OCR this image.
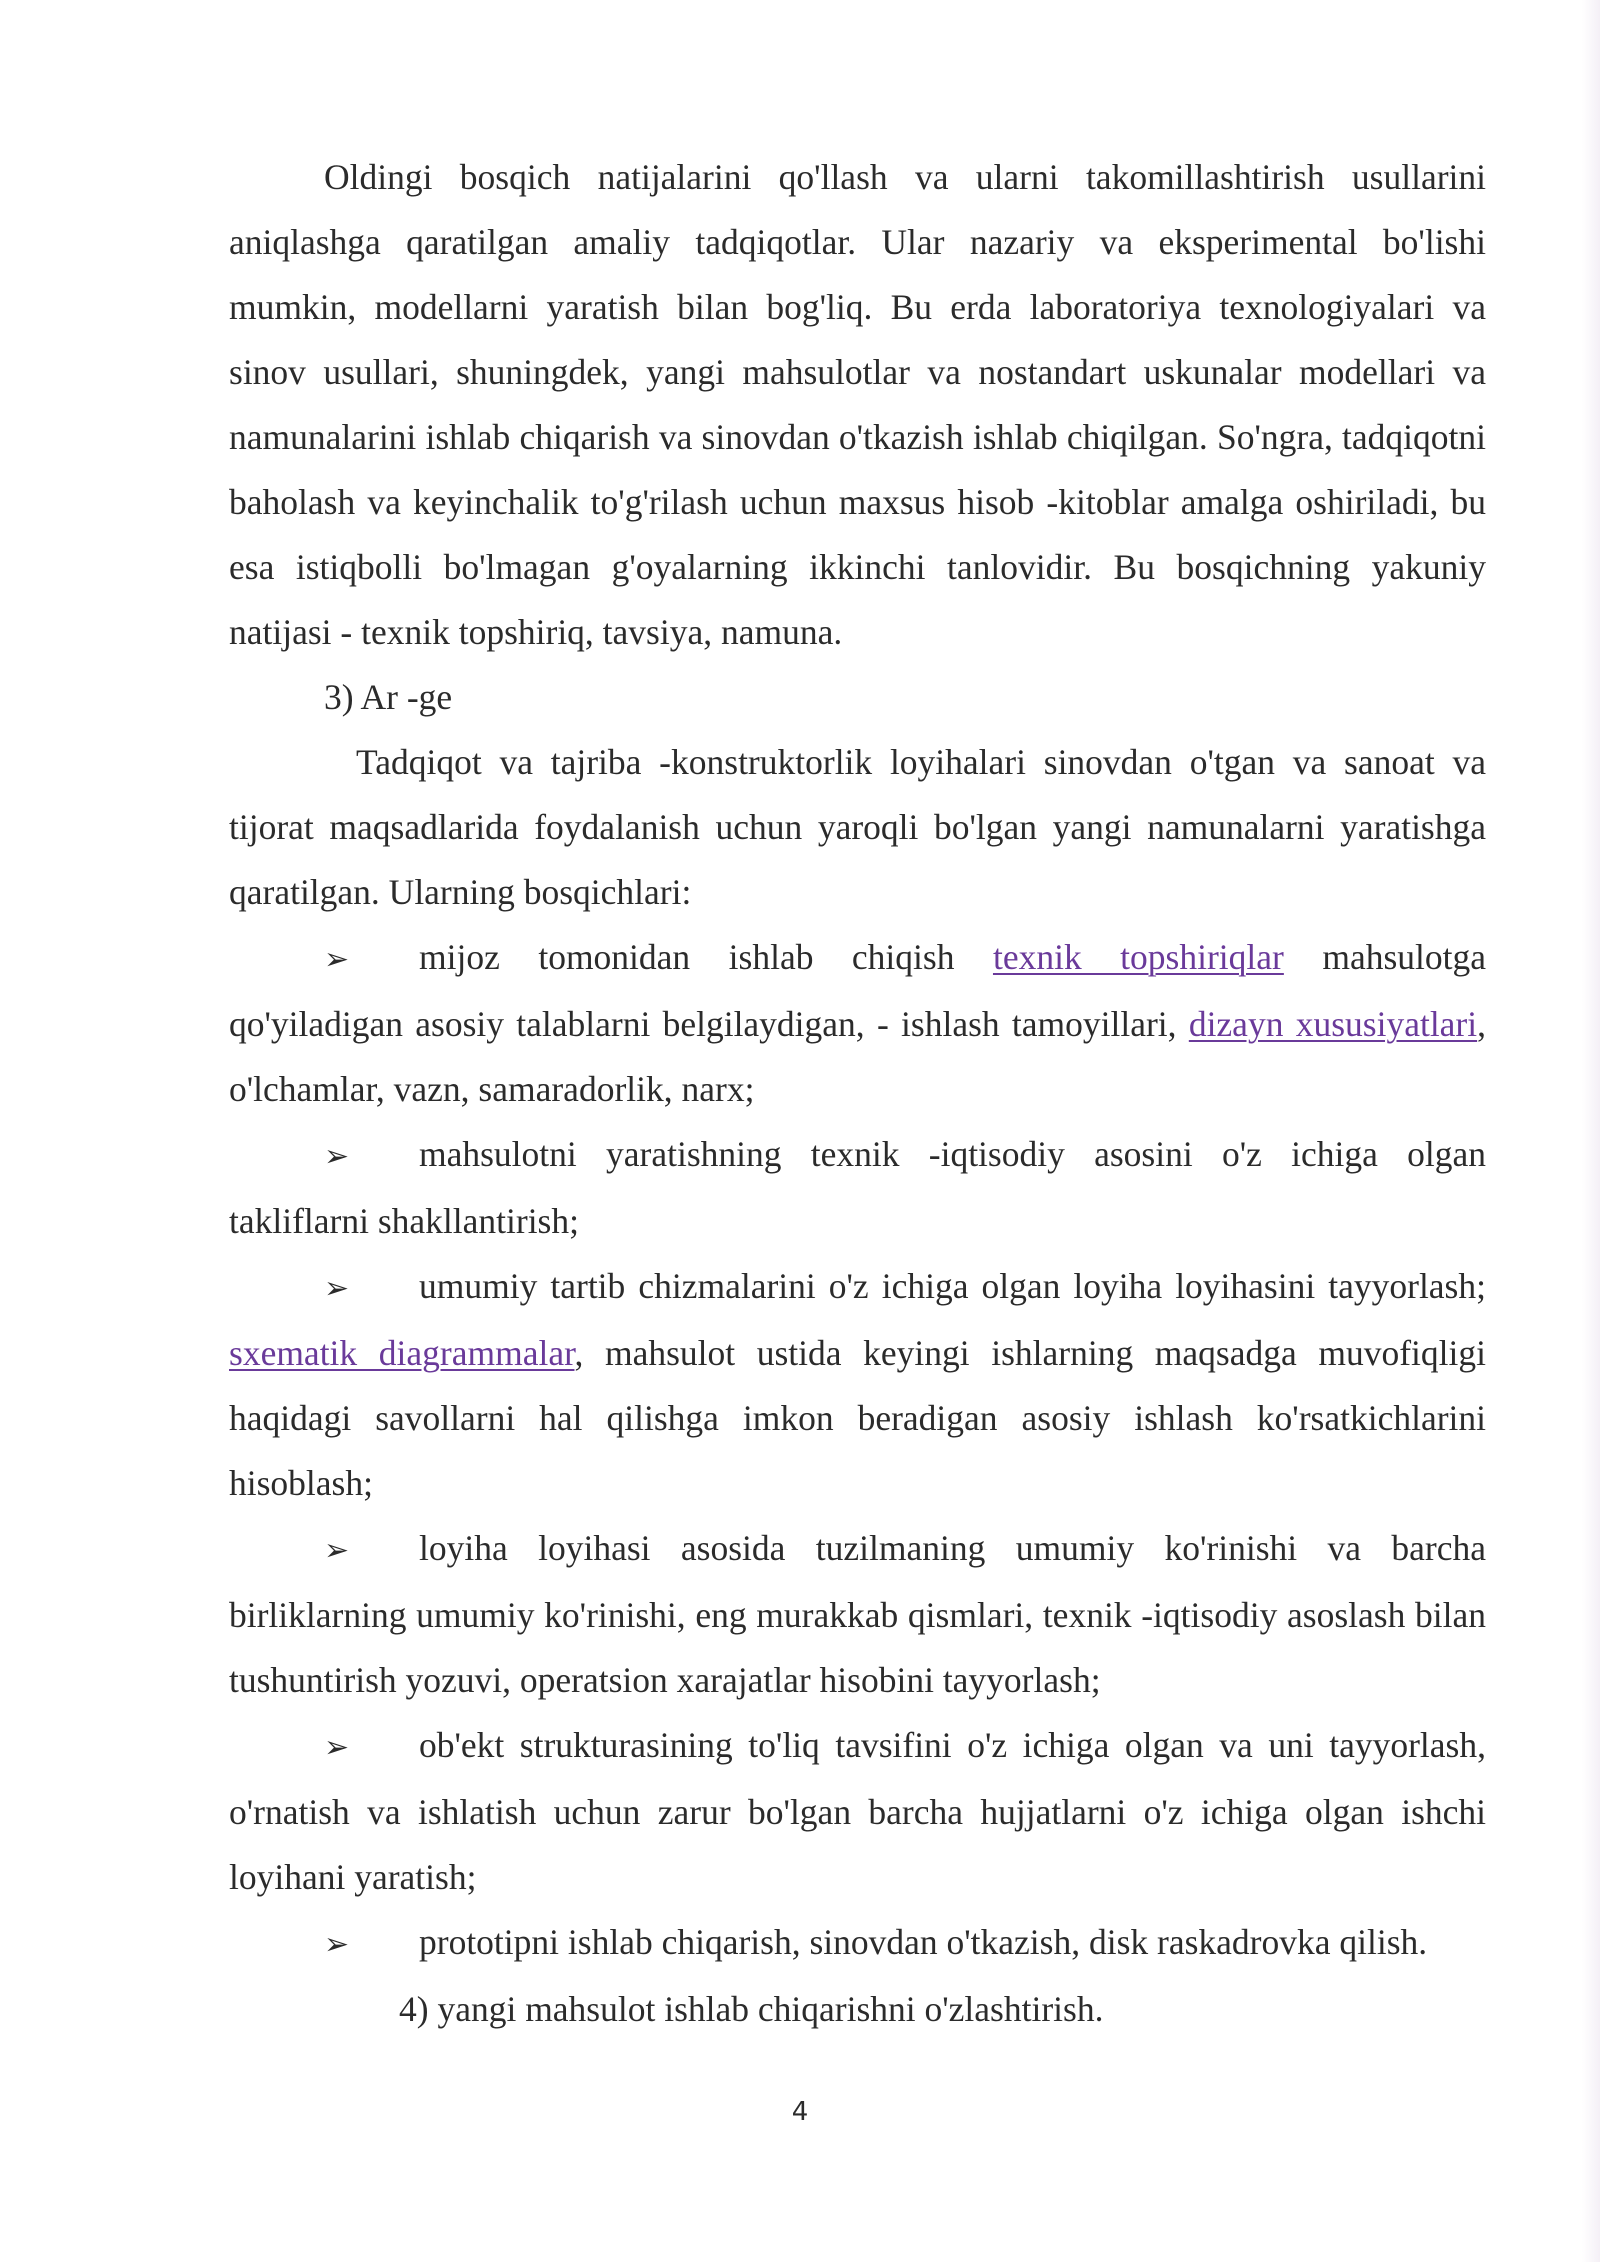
Oldingi bosqich natijalarini qo'llash va ularni takomillashtirish usullarini aniqlashga qaratilgan amaliy tadqiqotlar. Ular nazariy va eksperimental bo'lishi mumkin, modellarni yaratish bilan bog'liq. Bu erda laboratoriya texnologiyalari va sinov usullari, shuningdek, yangi mahsulotlar va nostandart uskunalar modellari va namunalarini ishlab chiqarish va sinovdan o'tkazish ishlab chiqilgan. So'ngra, tadqiqotni baholash va keyinchalik to'g'rilash uchun maxsus hisob -kitoblar amalga oshiriladi, bu esa istiqbolli bo'lmagan g'oyalarning ikkinchi tanlovidir. Bu bosqichning yakuniy natijasi - texnik topshiriq, tavsiya, namuna.

3) Ar -ge

Tadqiqot va tajriba -konstruktorlik loyihalari sinovdan o'tgan va sanoat va tijorat maqsadlarida foydalanish uchun yaroqli bo'lgan yangi namunalarni yaratishga qaratilgan. Ularning bosqichlari:

➢ mijoz tomonidan ishlab chiqish texnik topshiriqlar mahsulotga qo'yiladigan asosiy talablarni belgilaydigan, - ishlash tamoyillari, dizayn xususiyatlari, o'lchamlar, vazn, samaradorlik, narx;

➢ mahsulotni yaratishning texnik -iqtisodiy asosini o'z ichiga olgan takliflarni shakllantirish;

➢ umumiy tartib chizmalarini o'z ichiga olgan loyiha loyihasini tayyorlash; sxematik diagrammalar, mahsulot ustida keyingi ishlarning maqsadga muvofiqligi haqidagi savollarni hal qilishga imkon beradigan asosiy ishlash ko'rsatkichlarini hisoblash;

➢ loyiha loyihasi asosida tuzilmaning umumiy ko'rinishi va barcha birliklarning umumiy ko'rinishi, eng murakkab qismlari, texnik -iqtisodiy asoslash bilan tushuntirish yozuvi, operatsion xarajatlar hisobini tayyorlash;

➢ ob'ekt strukturasining to'liq tavsifini o'z ichiga olgan va uni tayyorlash, o'rnatish va ishlatish uchun zarur bo'lgan barcha hujjatlarni o'z ichiga olgan ishchi loyihani yaratish;

➢ prototipni ishlab chiqarish, sinovdan o'tkazish, disk raskadrovka qilish.

4) yangi mahsulot ishlab chiqarishni o'zlashtirish.

4
